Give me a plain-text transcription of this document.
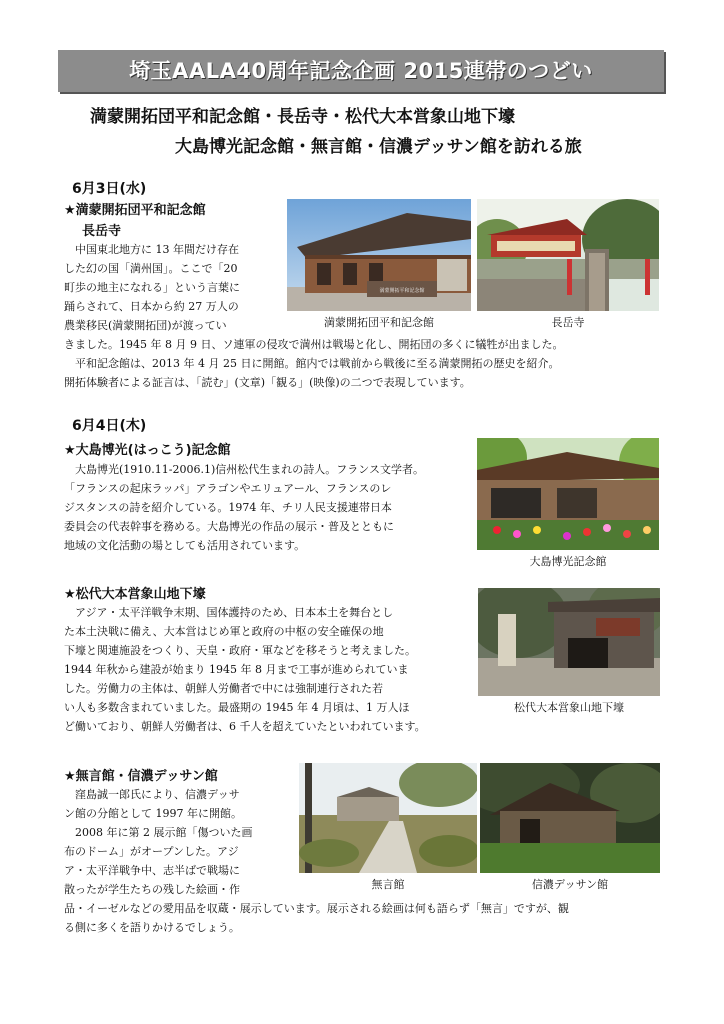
埼玉AALA40周年記念企画 2015連帯のつどい
満蒙開拓団平和記念館・長岳寺・松代大本営象山地下壕
大島博光記念館・無言館・信濃デッサン館を訪れる旅
6月3日(水)
★満蒙開拓団平和記念館
長岳寺
中国東北地方に 13 年間だけ存在
した幻の国「満州国」。ここで「20
町歩の地主になれる」という言葉に
踊らされて、日本から約 27 万人の
農業移民(満蒙開拓団)が渡ってい
きました。1945 年 8 月 9 日、ソ連軍の侵攻で満州は戦場と化し、開拓団の多くに犠牲が出ました。
平和記念館は、2013 年 4 月 25 日に開館。館内では戦前から戦後に至る満蒙開拓の歴史を紹介。
開拓体験者による証言は、「読む」(文章)「観る」(映像)の二つで表現しています。
満蒙開拓平和記念館
満蒙開拓団平和記念館	長岳寺
6月4日(木)
★大島博光(はっこう)記念館
大島博光(1910.11-2006.1)信州松代生まれの詩人。フランス文学者。
「フランスの起床ラッパ」アラゴンやエリュアール、フランスのレ
ジスタンスの詩を紹介している。1974 年、チリ人民支援連帯日本
委員会の代表幹事を務める。大島博光の作品の展示・普及とともに
地域の文化活動の場としても活用されています。
大島博光記念館
★松代大本営象山地下壕
アジア・太平洋戦争末期、国体護持のため、日本本土を舞台とし
た本土決戦に備え、大本営はじめ軍と政府の中枢の安全確保の地
下壕と関連施設をつくり、天皇・政府・軍などを移そうと考えました。
1944 年秋から建設が始まり 1945 年 8 月まで工事が進められていま
した。労働力の主体は、朝鮮人労働者で中には強制連行された若
い人も多数含まれていました。最盛期の 1945 年 4 月頃は、1 万人ほ
ど働いており、朝鮮人労働者は、6 千人を超えていたといわれています。
松代大本営象山地下壕
★無言館・信濃デッサン館
窪島誠一郎氏により、信濃デッサ
ン館の分館として 1997 年に開館。
2008 年に第 2 展示館「傷ついた画
布のドーム」がオープンした。アジ
ア・太平洋戦争中、志半ばで戦場に
散ったが学生たちの残した絵画・作
品・イーゼルなどの愛用品を収蔵・展示しています。展示される絵画は何も語らず「無言」ですが、観
る側に多くを語りかけるでしょう。
無言館	信濃デッサン館
